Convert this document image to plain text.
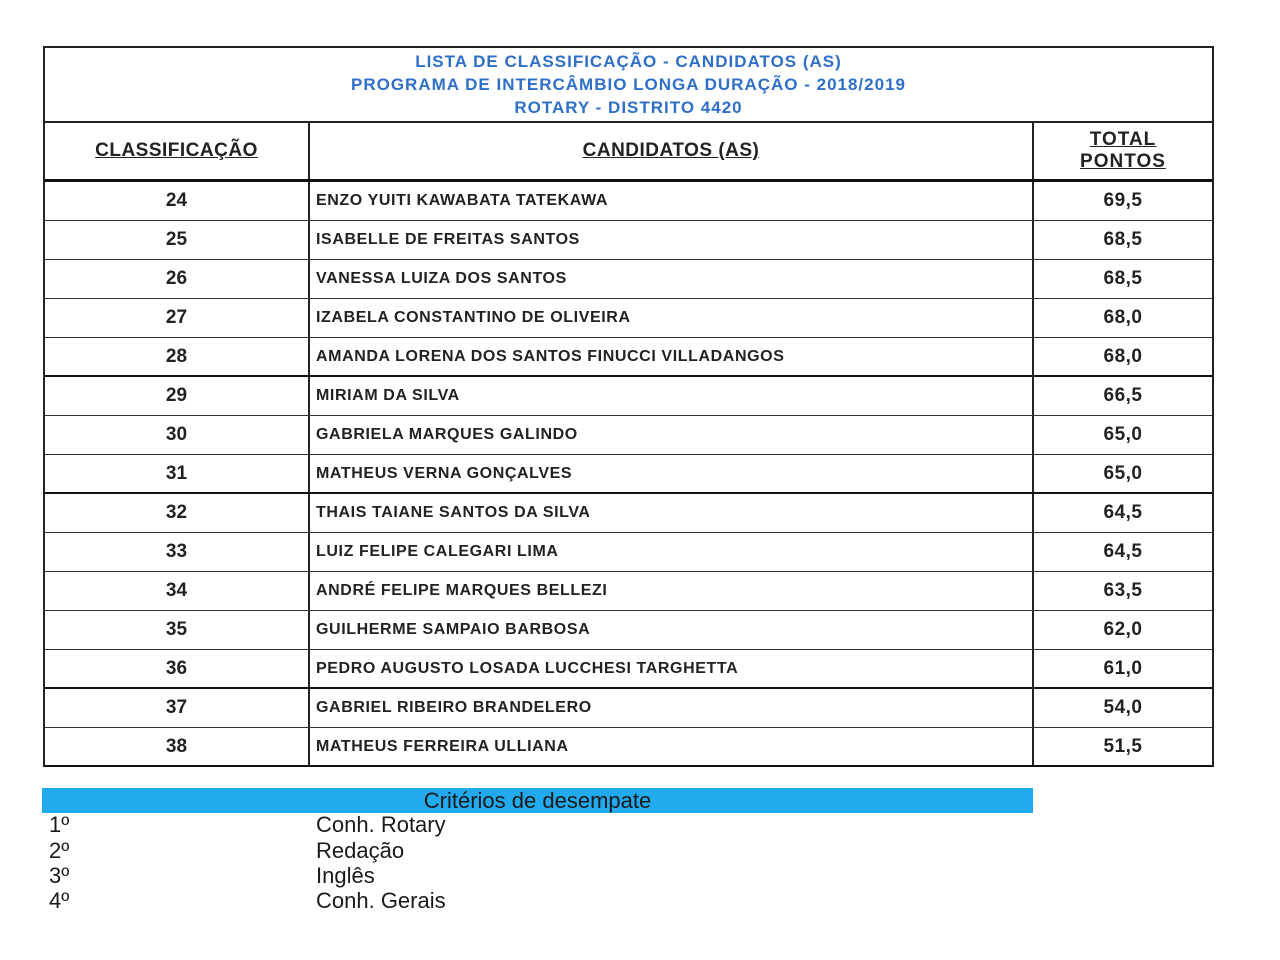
LISTA DE CLASSIFICAÇÃO - CANDIDATOS (AS)
PROGRAMA DE INTERCÂMBIO LONGA DURAÇÃO - 2018/2019
ROTARY - DISTRITO 4420
CLASSIFICAÇÃO	CANDIDATOS (AS)
TOTAL
PONTOS
24	ENZO YUITI KAWABATA TATEKAWA	69,5
25	ISABELLE DE FREITAS SANTOS	68,5
26	VANESSA LUIZA DOS SANTOS	68,5
27	IZABELA CONSTANTINO DE OLIVEIRA	68,0
28	AMANDA LORENA DOS SANTOS FINUCCI VILLADANGOS	68,0
29	MIRIAM DA SILVA	66,5
30	GABRIELA MARQUES GALINDO	65,0
31	MATHEUS VERNA GONÇALVES	65,0
32	THAIS TAIANE SANTOS DA SILVA	64,5
33	LUIZ FELIPE CALEGARI LIMA	64,5
34	ANDRÉ FELIPE MARQUES BELLEZI	63,5
35	GUILHERME SAMPAIO BARBOSA	62,0
36	PEDRO AUGUSTO LOSADA LUCCHESI TARGHETTA	61,0
37	GABRIEL RIBEIRO BRANDELERO	54,0
38	MATHEUS FERREIRA ULLIANA	51,5
Critérios de desempate
1º	Conh. Rotary
2º	Redação
3º	Inglês
4º	Conh. Gerais
